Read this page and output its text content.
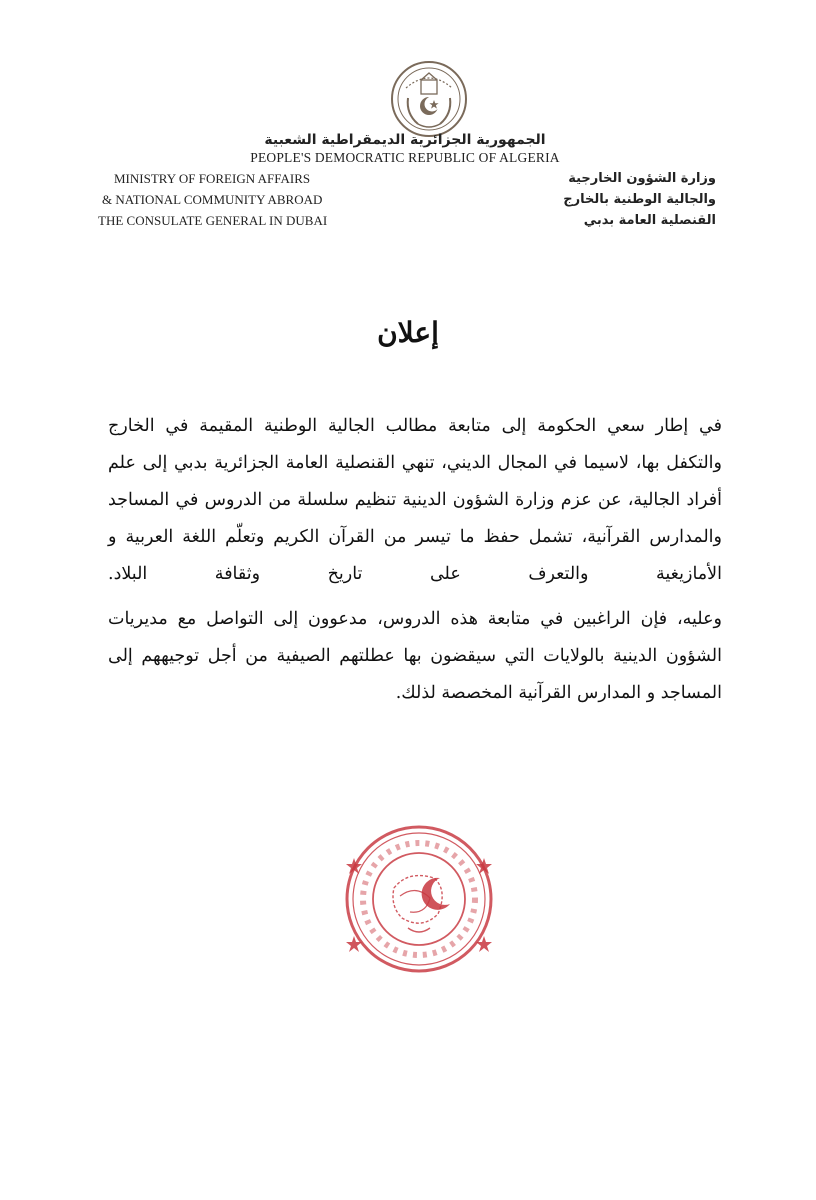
الجمهورية الجزائرية الديمقراطية الشعبية
PEOPLE'S DEMOCRATIC REPUBLIC OF ALGERIA
MINISTRY OF FOREIGN AFFAIRS
& NATIONAL COMMUNITY ABROAD
THE CONSULATE GENERAL IN DUBAI
وزارة الشؤون الخارجية
والجالية الوطنية بالخارج
القنصلية العامة بدبي
إعلان

في إطار سعي الحكومة إلى متابعة مطالب الجالية الوطنية المقيمة في الخارج والتكفل بها، لاسيما في المجال الديني، تنهي القنصلية العامة الجزائرية بدبي إلى علم أفراد الجالية، عن عزم وزارة الشؤون الدينية تنظيم سلسلة من الدروس في المساجد والمدارس القرآنية، تشمل حفظ ما تيسر من القرآن الكريم وتعلّم اللغة العربية و الأمازيغية والتعرف على تاريخ وثقافة البلاد.

وعليه، فإن الراغبين في متابعة هذه الدروس، مدعوون إلى التواصل مع مديريات الشؤون الدينية بالولايات التي سيقضون بها عطلتهم الصيفية من أجل توجيههم إلى المساجد و المدارس القرآنية المخصصة لذلك.
